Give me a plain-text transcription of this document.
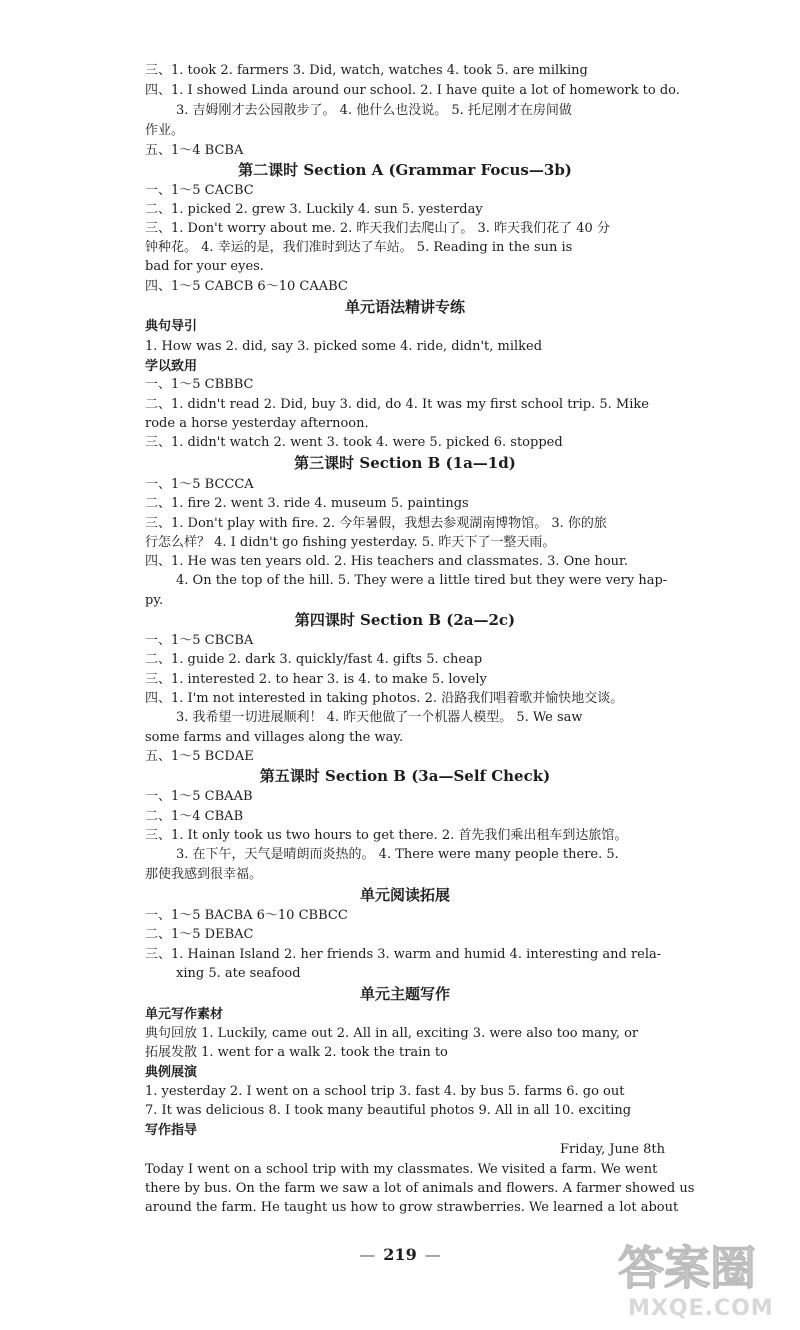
三、1. took 2. farmers 3. Did, watch, watches 4. took 5. are milking
四、1. I showed Linda around our school. 2. I have quite a lot of homework to do.
3. 吉姆刚才去公园散步了。 4. 他什么也没说。 5. 托尼刚才在房间做
作业。
五、1～4 BCBA
第二课时 Section A (Grammar Focus—3b)
一、1～5 CACBC
二、1. picked 2. grew 3. Luckily 4. sun 5. yesterday
三、1. Don't worry about me. 2. 昨天我们去爬山了。 3. 昨天我们花了 40 分
钟种花。 4. 幸运的是，我们准时到达了车站。 5. Reading in the sun is
bad for your eyes.
四、1～5 CABCB 6～10 CAABC
单元语法精讲专练
典句导引
1. How was 2. did, say 3. picked some 4. ride, didn't, milked
学以致用
一、1～5 CBBBC
二、1. didn't read 2. Did, buy 3. did, do 4. It was my first school trip. 5. Mike
rode a horse yesterday afternoon.
三、1. didn't watch 2. went 3. took 4. were 5. picked 6. stopped
第三课时 Section B (1a—1d)
一、1～5 BCCCA
二、1. fire 2. went 3. ride 4. museum 5. paintings
三、1. Don't play with fire. 2. 今年暑假，我想去参观湖南博物馆。 3. 你的旅
行怎么样？ 4. I didn't go fishing yesterday. 5. 昨天下了一整天雨。
四、1. He was ten years old. 2. His teachers and classmates. 3. One hour.
4. On the top of the hill. 5. They were a little tired but they were very hap-
py.
第四课时 Section B (2a—2c)
一、1～5 CBCBA
二、1. guide 2. dark 3. quickly/fast 4. gifts 5. cheap
三、1. interested 2. to hear 3. is 4. to make 5. lovely
四、1. I'm not interested in taking photos. 2. 沿路我们唱着歌并愉快地交谈。
3. 我希望一切进展顺利！ 4. 昨天他做了一个机器人模型。 5. We saw
some farms and villages along the way.
五、1～5 BCDAE
第五课时 Section B (3a—Self Check)
一、1～5 CBAAB
二、1～4 CBAB
三、1. It only took us two hours to get there. 2. 首先我们乘出租车到达旅馆。
3. 在下午，天气是晴朗而炎热的。 4. There were many people there. 5.
那使我感到很幸福。
单元阅读拓展
一、1～5 BACBA 6～10 CBBCC
二、1～5 DEBAC
三、1. Hainan Island 2. her friends 3. warm and humid 4. interesting and rela-
xing 5. ate seafood
单元主题写作
单元写作素材
典句回放 1. Luckily, came out 2. All in all, exciting 3. were also too many, or
拓展发散 1. went for a walk 2. took the train to
典例展演
1. yesterday 2. I went on a school trip 3. fast 4. by bus 5. farms 6. go out
7. It was delicious 8. I took many beautiful photos 9. All in all 10. exciting
写作指导
Friday, June 8th
Today I went on a school trip with my classmates. We visited a farm. We went
there by bus. On the farm we saw a lot of animals and flowers. A farmer showed us
around the farm. He taught us how to grow strawberries. We learned a lot about
— 219 —	答案圈
MXQE.COM
